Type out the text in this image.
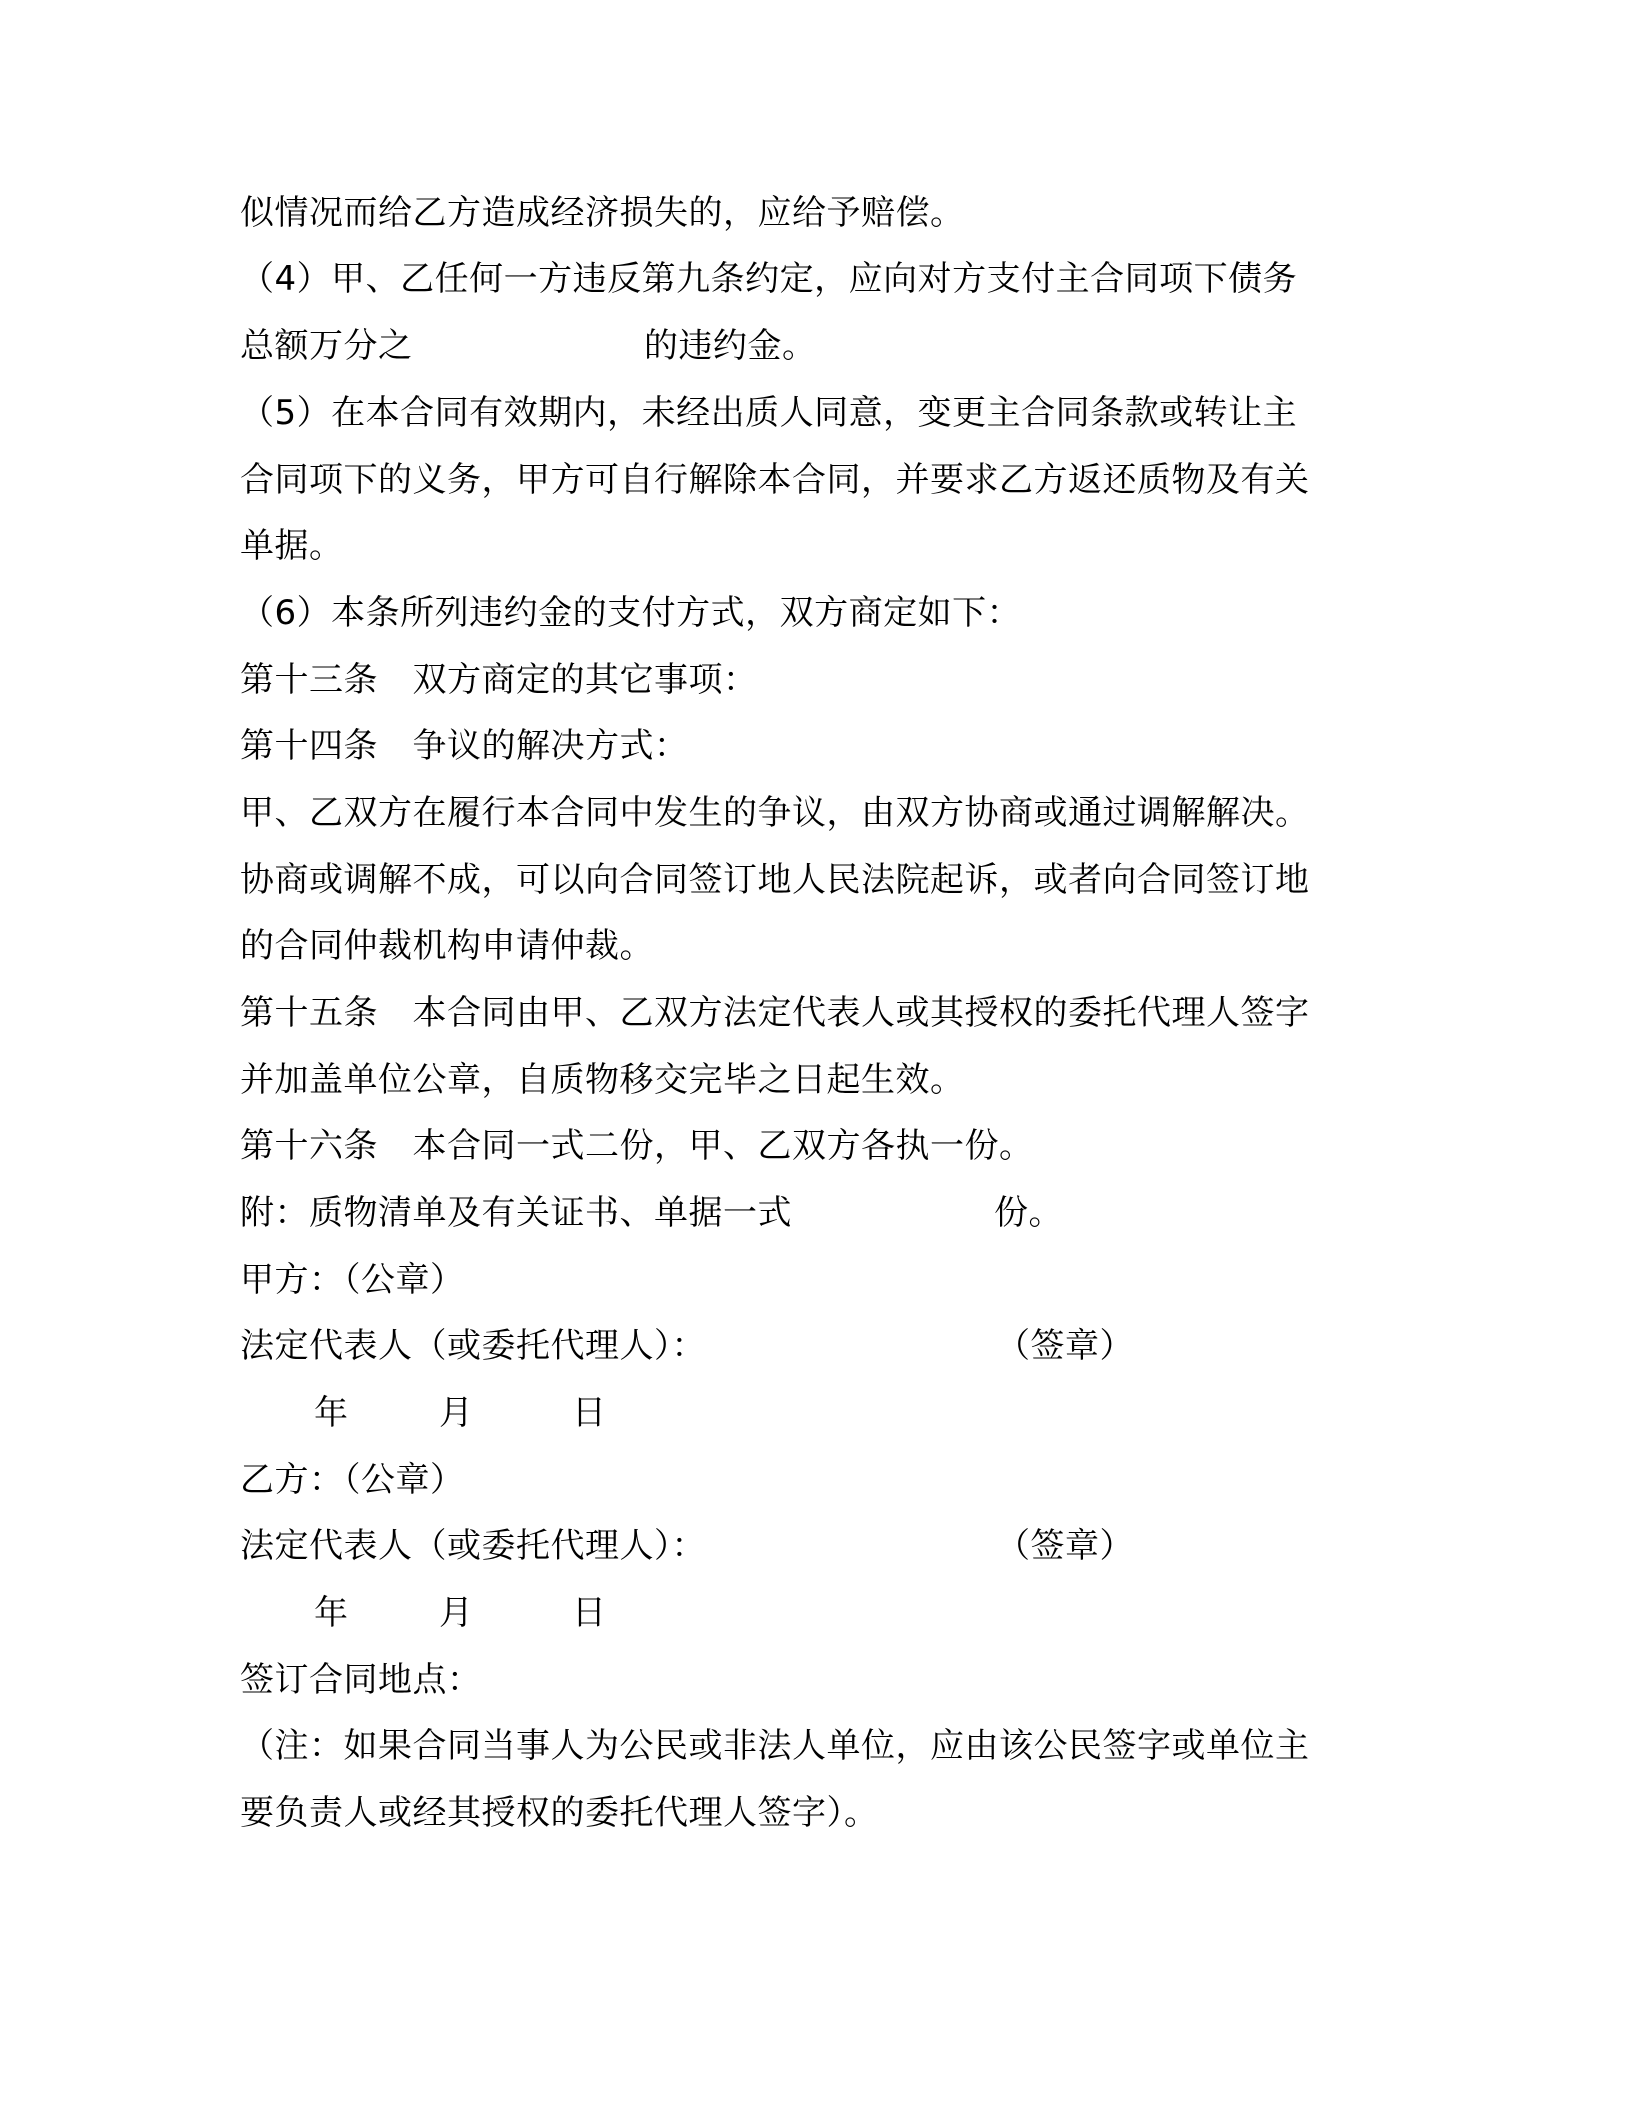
似情况而给乙方造成经济损失的，应给予赔偿。
（4）甲、乙任何一方违反第九条约定，应向对方支付主合同项下债务
总额万分之	的违约金。
（5）在本合同有效期内，未经出质人同意，变更主合同条款或转让主
合同项下的义务，甲方可自行解除本合同，并要求乙方返还质物及有关
单据。
（6）本条所列违约金的支付方式，双方商定如下：
第十三条　双方商定的其它事项：
第十四条　争议的解决方式：
甲、乙双方在履行本合同中发生的争议，由双方协商或通过调解解决。
协商或调解不成，可以向合同签订地人民法院起诉，或者向合同签订地
的合同仲裁机构申请仲裁。
第十五条　本合同由甲、乙双方法定代表人或其授权的委托代理人签字
并加盖单位公章，自质物移交完毕之日起生效。
第十六条　本合同一式二份，甲、乙双方各执一份。
附：质物清单及有关证书、单据一式	份。
甲方：（公章）
法定代表人（或委托代理人）：	（签章）
年	月	日
乙方：（公章）
法定代表人（或委托代理人）：	（签章）
年	月	日
签订合同地点：
（注：如果合同当事人为公民或非法人单位，应由该公民签字或单位主
要负责人或经其授权的委托代理人签字）。
